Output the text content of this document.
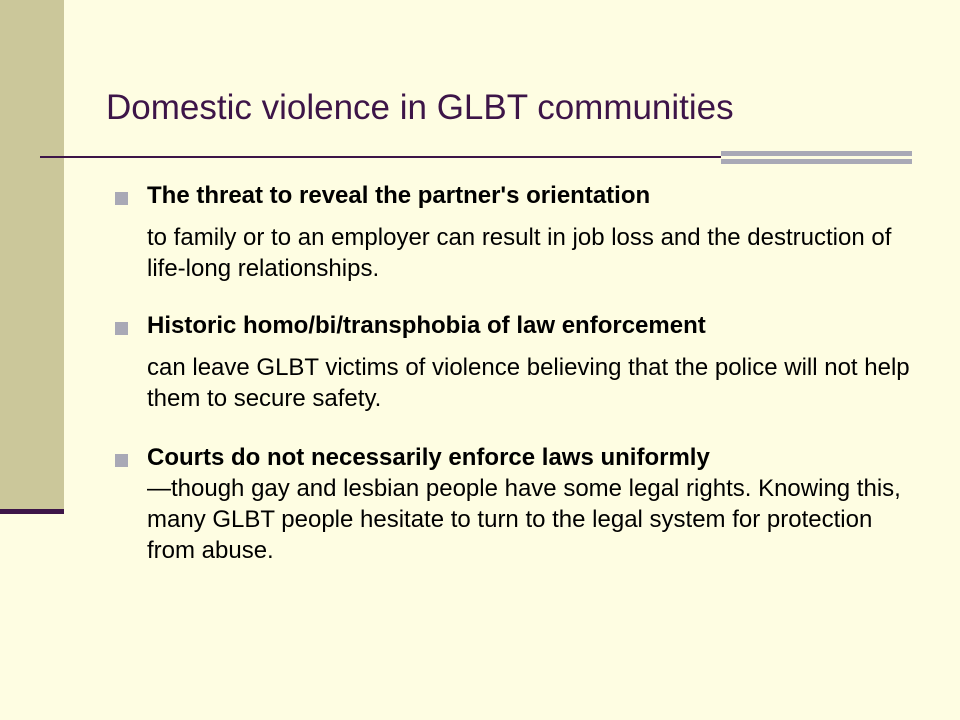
Domestic violence in GLBT communities
The threat to reveal the partner's orientation
to family or to an employer can result in job loss and the destruction of life-long relationships.
Historic homo/bi/transphobia of law enforcement
can leave GLBT victims of violence believing that the police will not help them to secure safety.
Courts do not necessarily enforce laws uniformly
—though gay and lesbian people have some legal rights. Knowing this, many GLBT people hesitate to turn to the legal system for protection from abuse.
